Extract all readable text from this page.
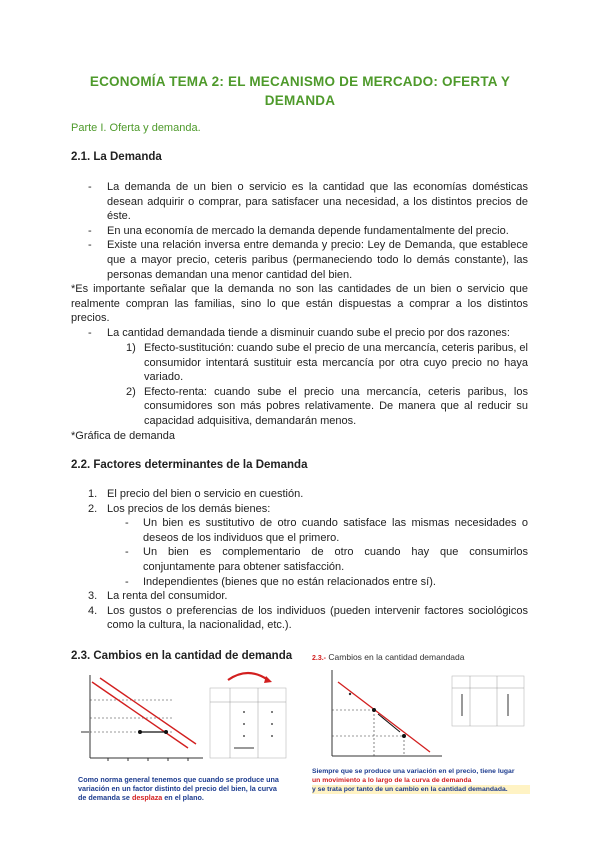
ECONOMÍA TEMA 2: EL MECANISMO DE MERCADO: OFERTA Y
DEMANDA
Parte I. Oferta y demanda.
2.1. La Demanda
- La demanda de un bien o servicio es la cantidad que las economías domésticas desean adquirir o comprar, para satisfacer una necesidad, a los distintos precios de éste.
- En una economía de mercado la demanda depende fundamentalmente del precio.
- Existe una relación inversa entre demanda y precio: Ley de Demanda, que establece que a mayor precio, ceteris paribus (permaneciendo todo lo demás constante), las personas demandan una menor cantidad del bien.
*Es importante señalar que la demanda no son las cantidades de un bien o servicio que realmente compran las familias, sino lo que están dispuestas a comprar a los distintos precios.
- La cantidad demandada tiende a disminuir cuando sube el precio por dos razones:
1) Efecto-sustitución: cuando sube el precio de una mercancía, ceteris paribus, el consumidor intentará sustituir esta mercancía por otra cuyo precio no haya variado.
2) Efecto-renta: cuando sube el precio una mercancía, ceteris paribus, los consumidores son más pobres relativamente. De manera que al reducir su capacidad adquisitiva, demandarán menos.
*Gráfica de demanda
2.2. Factores determinantes de la Demanda
1. El precio del bien o servicio en cuestión.
2. Los precios de los demás bienes:
- Un bien es sustitutivo de otro cuando satisface las mismas necesidades o deseos de los individuos que el primero.
- Un bien es complementario de otro cuando hay que consumirlos conjuntamente para obtener satisfacción.
- Independientes (bienes que no están relacionados entre sí).
3. La renta del consumidor.
4. Los gustos o preferencias de los individuos (pueden intervenir factores sociológicos como la cultura, la nacionalidad, etc.).
2.3. Cambios en la cantidad de demanda
Como norma general tenemos que cuando se produce una
variación en un factor distinto del precio del bien, la curva
de demanda se desplaza en el plano.
2.3.- Cambios en la cantidad demandada
Siempre que se produce una variación en el precio, tiene lugar
un movimiento a lo largo de la curva de demanda
y se trata por tanto de un cambio en la cantidad demandada.
